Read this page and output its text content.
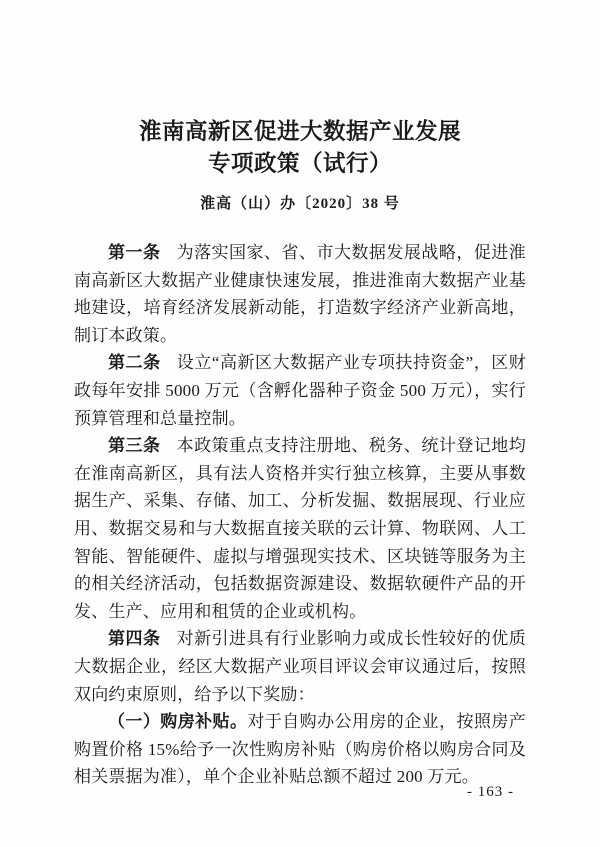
淮南高新区促进大数据产业发展
专项政策（试行）
淮高（山）办〔2020〕38 号

第一条 为落实国家、省、市大数据发展战略，促进淮南高新区大数据产业健康快速发展，推进淮南大数据产业基地建设，培育经济发展新动能，打造数字经济产业新高地，制订本政策。

第二条 设立“高新区大数据产业专项扶持资金”，区财政每年安排 5000 万元（含孵化器种子资金 500 万元），实行预算管理和总量控制。

第三条 本政策重点支持注册地、税务、统计登记地均在淮南高新区，具有法人资格并实行独立核算，主要从事数据生产、采集、存储、加工、分析发掘、数据展现、行业应用、数据交易和与大数据直接关联的云计算、物联网、人工智能、智能硬件、虚拟与增强现实技术、区块链等服务为主的相关经济活动，包括数据资源建设、数据软硬件产品的开发、生产、应用和租赁的企业或机构。

第四条 对新引进具有行业影响力或成长性较好的优质大数据企业，经区大数据产业项目评议会审议通过后，按照双向约束原则，给予以下奖励：

（一）购房补贴。对于自购办公用房的企业，按照房产购置价格 15%给予一次性购房补贴（购房价格以购房合同及相关票据为准），单个企业补贴总额不超过 200 万元。

- 163 -
